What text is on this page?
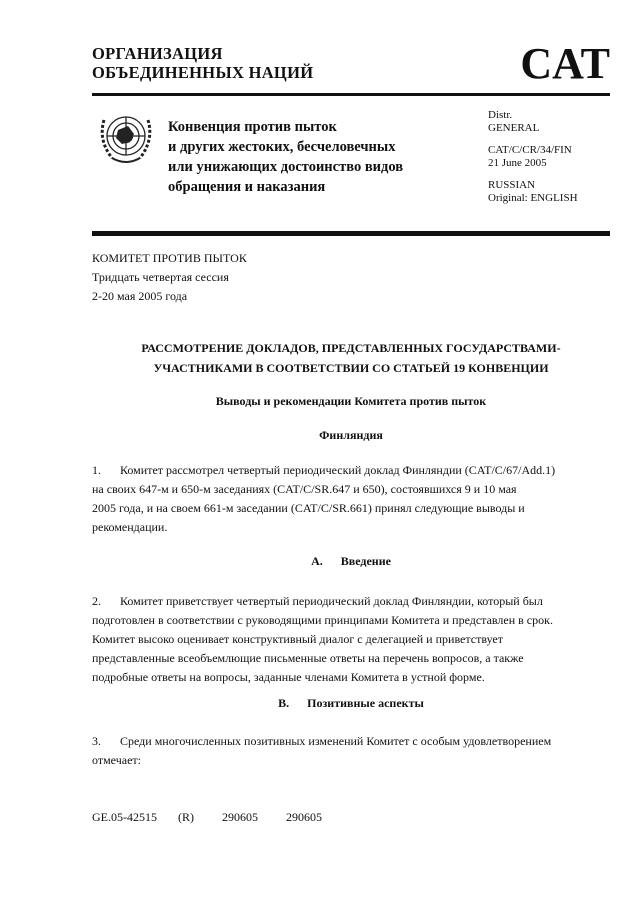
ОРГАНИЗАЦИЯ
ОБЪЕДИНЕННЫХ НАЦИЙ	CAT
Конвенция против пыток
и других жестоких, бесчеловечных
или унижающих достоинство видов
обращения и наказания
Distr.
GENERAL
CAT/C/CR/34/FIN
21 June 2005
RUSSIAN
Original: ENGLISH
КОМИТЕТ ПРОТИВ ПЫТОК
Тридцать четвертая сессия
2-20 мая 2005 года
РАССМОТРЕНИЕ ДОКЛАДОВ, ПРЕДСТАВЛЕННЫХ ГОСУДАРСТВАМИ-
УЧАСТНИКАМИ В СООТВЕТСТВИИ СО СТАТЬЕЙ 19 КОНВЕНЦИИ
Выводы и рекомендации Комитета против пыток
Финляндия
1. Комитет рассмотрел четвертый периодический доклад Финляндии (CAT/C/67/Add.1)
на своих 647-м и 650-м заседаниях (CAT/C/SR.647 и 650), состоявшихся 9 и 10 мая
2005 года, и на своем 661-м заседании (CAT/C/SR.661) принял следующие выводы и
рекомендации.
A. Введение
2. Комитет приветствует четвертый периодический доклад Финляндии, который был
подготовлен в соответствии с руководящими принципами Комитета и представлен в срок.
Комитет высоко оценивает конструктивный диалог с делегацией и приветствует
представленные всеобъемлющие письменные ответы на перечень вопросов, а также
подробные ответы на вопросы, заданные членами Комитета в устной форме.
B. Позитивные аспекты
3. Среди многочисленных позитивных изменений Комитет с особым удовлетворением
отмечает:
GE.05-42515   (R)    290605    290605
